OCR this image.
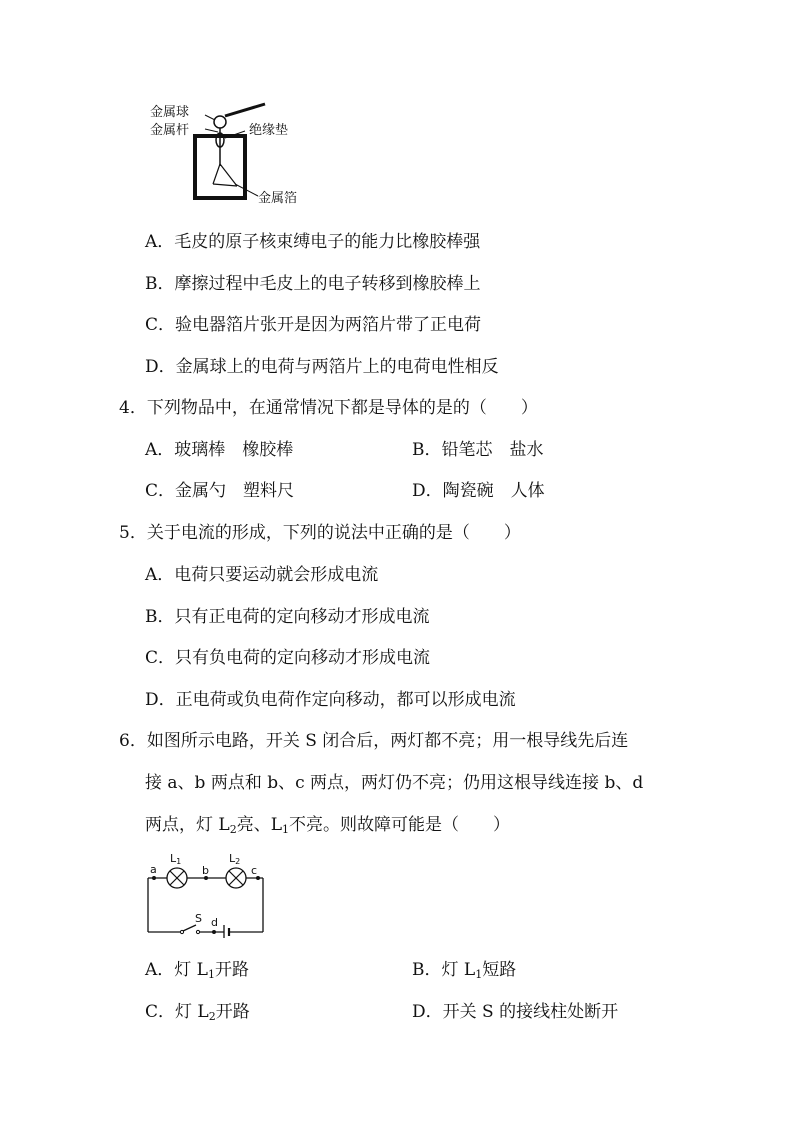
金属球
金属杆	绝缘垫
金属箔
A．毛皮的原子核束缚电子的能力比橡胶棒强
B．摩擦过程中毛皮上的电子转移到橡胶棒上
C．验电器箔片张开是因为两箔片带了正电荷
D．金属球上的电荷与两箔片上的电荷电性相反
4．下列物品中，在通常情况下都是导体的是的（　　）
A．玻璃棒　橡胶棒	B．铅笔芯　盐水
C．金属勺　塑料尺	D．陶瓷碗　人体
5．关于电流的形成，下列的说法中正确的是（　　）
A．电荷只要运动就会形成电流
B．只有正电荷的定向移动才形成电流
C．只有负电荷的定向移动才形成电流
D．正电荷或负电荷作定向移动，都可以形成电流
6．如图所示电路，开关 S 闭合后，两灯都不亮；用一根导线先后连
接 a、b 两点和 b、c 两点，两灯仍不亮；仍用这根导线连接 b、d
两点，灯 $L_2$亮、$L_1$不亮。则故障可能是（　　）
a	b	c
L1	L2
S d
A．灯 $L_1$开路	B．灯 $L_1$短路
C．灯 $L_2$开路	D．开关 S 的接线柱处断开
